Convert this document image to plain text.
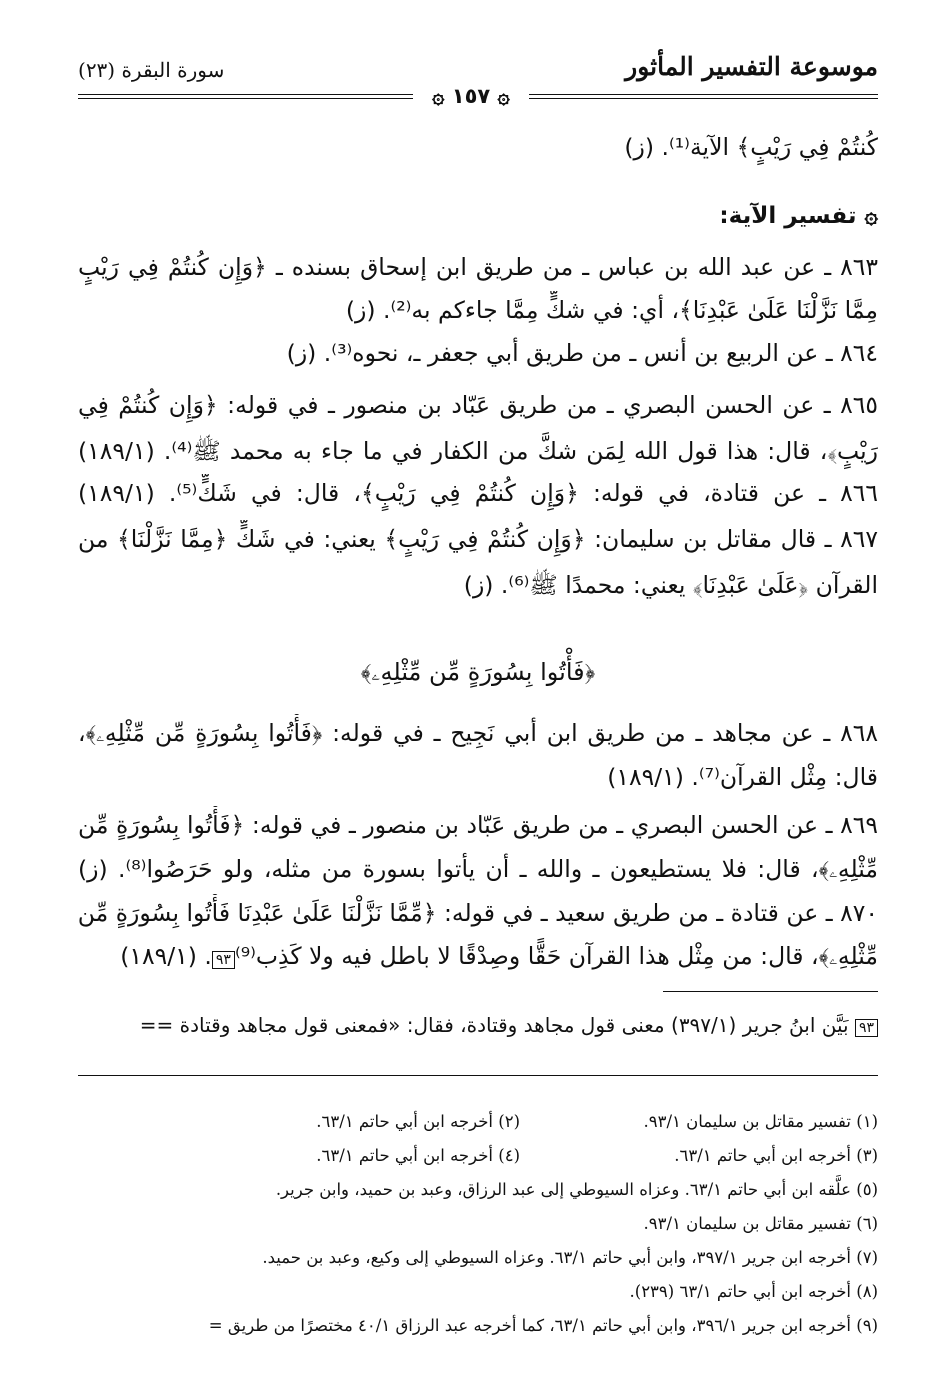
موسوعة التفسير المأثور
سورة البقرة (٢٣)
۞ ١٥٧ ۞
كُنتُمْ فِي رَيْبٍ﴾ الآية⁽¹⁾. (ز)
۞ تفسير الآية:
٨٦٣ ـ عن عبد الله بن عباس ـ من طريق ابن إسحاق بسنده ـ ﴿وَإِن كُنتُمْ فِي رَيْبٍ
مِمَّا نَزَّلْنَا عَلَىٰ عَبْدِنَا﴾، أي: في شكٍّ مِمَّا جاءكم به⁽²⁾. (ز)
٨٦٤ ـ عن الربيع بن أنس ـ من طريق أبي جعفر ـ، نحوه⁽³⁾. (ز)
٨٦٥ ـ عن الحسن البصري ـ من طريق عَبّاد بن منصور ـ في قوله: ﴿وَإِن كُنتُمْ فِي
رَيْبٍ﴾، قال: هذا قول الله لِمَن شكَّ من الكفار في ما جاء به محمد ﷺ⁽⁴⁾. (١٨٩/١)
٨٦٦ ـ عن قتادة، في قوله: ﴿وَإِن كُنتُمْ فِي رَيْبٍ﴾، قال: في شَكٍّ⁽⁵⁾. (١٨٩/١)
٨٦٧ ـ قال مقاتل بن سليمان: ﴿وَإِن كُنتُمْ فِي رَيْبٍ﴾ يعني: في شَكٍّ ﴿مِمَّا نَزَّلْنَا﴾ من
القرآن ﴿عَلَىٰ عَبْدِنَا﴾ يعني: محمدًا ﷺ⁽⁶⁾. (ز)
﴿فَأْتُوا بِسُورَةٍ مِّن مِّثْلِهِۦ﴾
٨٦٨ ـ عن مجاهد ـ من طريق ابن أبي نَجِيح ـ في قوله: ﴿فَأْتُوا بِسُورَةٍ مِّن مِّثْلِهِۦ﴾،
قال: مِثْل القرآن⁽⁷⁾. (١٨٩/١)
٨٦٩ ـ عن الحسن البصري ـ من طريق عَبّاد بن منصور ـ في قوله: ﴿فَأْتُوا بِسُورَةٍ مِّن
مِّثْلِهِۦ﴾، قال: فلا يستطيعون ـ والله ـ أن يأتوا بسورة من مثله، ولو حَرَصُوا⁽⁸⁾. (ز)
٨٧٠ ـ عن قتادة ـ من طريق سعيد ـ في قوله: ﴿مِّمَّا نَزَّلْنَا عَلَىٰ عَبْدِنَا فَأْتُوا بِسُورَةٍ مِّن
مِّثْلِهِۦ﴾، قال: من مِثْل هذا القرآن حَقًّا وصِدْقًا لا باطل فيه ولا كَذِب⁽⁹⁾٩٣. (١٨٩/١)
٩٣ بَيَّن ابنُ جرير (٣٩٧/١) معنى قول مجاهد وقتادة، فقال: «فمعنى قول مجاهد وقتادة ==
(١) تفسير مقاتل بن سليمان ٩٣/١.
(٢) أخرجه ابن أبي حاتم ٦٣/١.
(٣) أخرجه ابن أبي حاتم ٦٣/١.
(٤) أخرجه ابن أبي حاتم ٦٣/١.
(٥) علَّقه ابن أبي حاتم ٦٣/١. وعزاه السيوطي إلى عبد الرزاق، وعبد بن حميد، وابن جرير.
(٦) تفسير مقاتل بن سليمان ٩٣/١.
(٧) أخرجه ابن جرير ٣٩٧/١، وابن أبي حاتم ٦٣/١. وعزاه السيوطي إلى وكيع، وعبد بن حميد.
(٨) أخرجه ابن أبي حاتم ٦٣/١ (٢٣٩).
(٩) أخرجه ابن جرير ٣٩٦/١، وابن أبي حاتم ٦٣/١، كما أخرجه عبد الرزاق ٤٠/١ مختصرًا من طريق =
